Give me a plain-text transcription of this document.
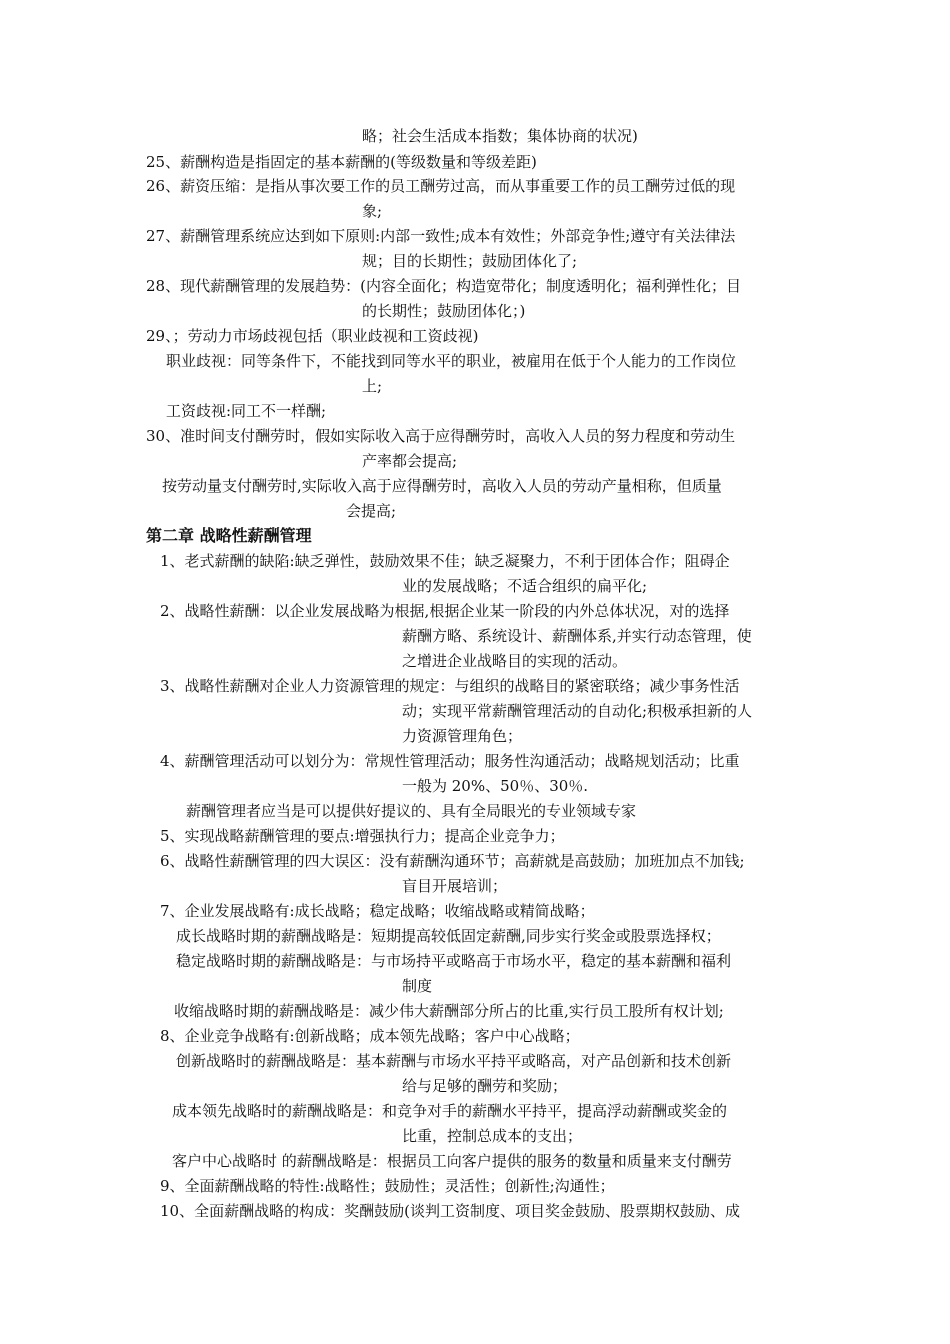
略；社会生活成本指数；集体协商的状况)
25、薪酬构造是指固定的基本薪酬的(等级数量和等级差距)
26、薪资压缩：是指从事次要工作的员工酬劳过高，而从事重要工作的员工酬劳过低的现
象;
27、薪酬管理系统应达到如下原则:内部一致性;成本有效性；外部竞争性;遵守有关法律法
规；目的长期性；鼓励团体化了;
28、现代薪酬管理的发展趋势：(内容全面化；构造宽带化；制度透明化；福利弹性化；目
的长期性；鼓励团体化；)
29、；劳动力市场歧视包括（职业歧视和工资歧视)
职业歧视：同等条件下，不能找到同等水平的职业，被雇用在低于个人能力的工作岗位
上;
工资歧视:同工不一样酬;
30、准时间支付酬劳时，假如实际收入高于应得酬劳时，高收入人员的努力程度和劳动生
产率都会提高;
按劳动量支付酬劳时,实际收入高于应得酬劳时，高收入人员的劳动产量相称，但质量
会提高;
第二章 战略性薪酬管理
1、老式薪酬的缺陷:缺乏弹性，鼓励效果不佳；缺乏凝聚力，不利于团体合作；阻碍企
业的发展战略；不适合组织的扁平化;
2、战略性薪酬：以企业发展战略为根据,根据企业某一阶段的内外总体状况，对的选择
薪酬方略、系统设计、薪酬体系,并实行动态管理，使
之增进企业战略目的实现的活动。
3、战略性薪酬对企业人力资源管理的规定：与组织的战略目的紧密联络；减少事务性活
动；实现平常薪酬管理活动的自动化;积极承担新的人
力资源管理角色；
4、薪酬管理活动可以划分为：常规性管理活动；服务性沟通活动；战略规划活动；比重
一般为 20%、50％、30％.
薪酬管理者应当是可以提供好提议的、具有全局眼光的专业领域专家
5、实现战略薪酬管理的要点:增强执行力；提高企业竞争力；
6、战略性薪酬管理的四大误区：没有薪酬沟通环节；高薪就是高鼓励；加班加点不加钱;
盲目开展培训；
7、企业发展战略有:成长战略；稳定战略；收缩战略或精简战略；
成长战略时期的薪酬战略是：短期提高较低固定薪酬,同步实行奖金或股票选择权；
稳定战略时期的薪酬战略是：与市场持平或略高于市场水平，稳定的基本薪酬和福利
制度
收缩战略时期的薪酬战略是：减少伟大薪酬部分所占的比重,实行员工股所有权计划;
8、企业竞争战略有:创新战略；成本领先战略；客户中心战略；
创新战略时的薪酬战略是：基本薪酬与市场水平持平或略高，对产品创新和技术创新
给与足够的酬劳和奖励；
成本领先战略时的薪酬战略是：和竞争对手的薪酬水平持平，提高浮动薪酬或奖金的
比重，控制总成本的支出；
客户中心战略时 的薪酬战略是：根据员工向客户提供的服务的数量和质量来支付酬劳
9、全面薪酬战略的特性:战略性；鼓励性；灵活性；创新性;沟通性；
10、全面薪酬战略的构成：奖酬鼓励(谈判工资制度、项目奖金鼓励、股票期权鼓励、成
